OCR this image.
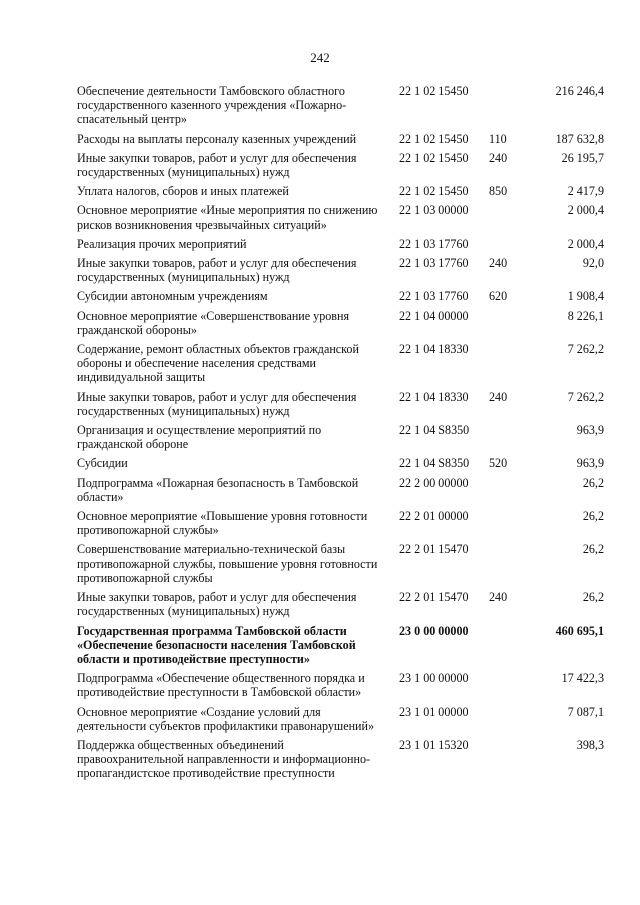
242
Обеспечение деятельности Тамбовского областного государственного казенного учреждения «Пожарно-спасательный центр»	22 1 02 15450		216 246,4
Расходы на выплаты персоналу казенных учреждений	22 1 02 15450	110	187 632,8
Иные закупки товаров, работ и услуг для обеспечения государственных (муниципальных) нужд	22 1 02 15450	240	26 195,7
Уплата налогов, сборов и иных платежей	22 1 02 15450	850	2 417,9
Основное мероприятие «Иные мероприятия по снижению рисков возникновения чрезвычайных ситуаций»	22 1 03 00000		2 000,4
Реализация прочих мероприятий	22 1 03 17760		2 000,4
Иные закупки товаров, работ и услуг для обеспечения государственных (муниципальных) нужд	22 1 03 17760	240	92,0
Субсидии автономным учреждениям	22 1 03 17760	620	1 908,4
Основное мероприятие «Совершенствование уровня гражданской обороны»	22 1 04 00000		8 226,1
Содержание, ремонт областных объектов гражданской обороны и обеспечение населения средствами индивидуальной защиты	22 1 04 18330		7 262,2
Иные закупки товаров, работ и услуг для обеспечения государственных (муниципальных) нужд	22 1 04 18330	240	7 262,2
Организация и осуществление мероприятий по гражданской обороне	22 1 04 S8350		963,9
Субсидии	22 1 04 S8350	520	963,9
Подпрограмма «Пожарная безопасность в Тамбовской области»	22 2 00 00000		26,2
Основное мероприятие «Повышение уровня готовности противопожарной службы»	22 2 01 00000		26,2
Совершенствование материально-технической базы противопожарной службы, повышение уровня готовности противопожарной службы	22 2 01 15470		26,2
Иные закупки товаров, работ и услуг для обеспечения государственных (муниципальных) нужд	22 2 01 15470	240	26,2
Государственная программа Тамбовской области «Обеспечение безопасности населения Тамбовской области и противодействие преступности»	23 0 00 00000		460 695,1
Подпрограмма «Обеспечение общественного порядка и противодействие преступности в Тамбовской области»	23 1 00 00000		17 422,3
Основное мероприятие «Создание условий для деятельности субъектов профилактики правонарушений»	23 1 01 00000		7 087,1
Поддержка общественных объединений правоохранительной направленности и информационно-пропагандистское противодействие преступности	23 1 01 15320		398,3
